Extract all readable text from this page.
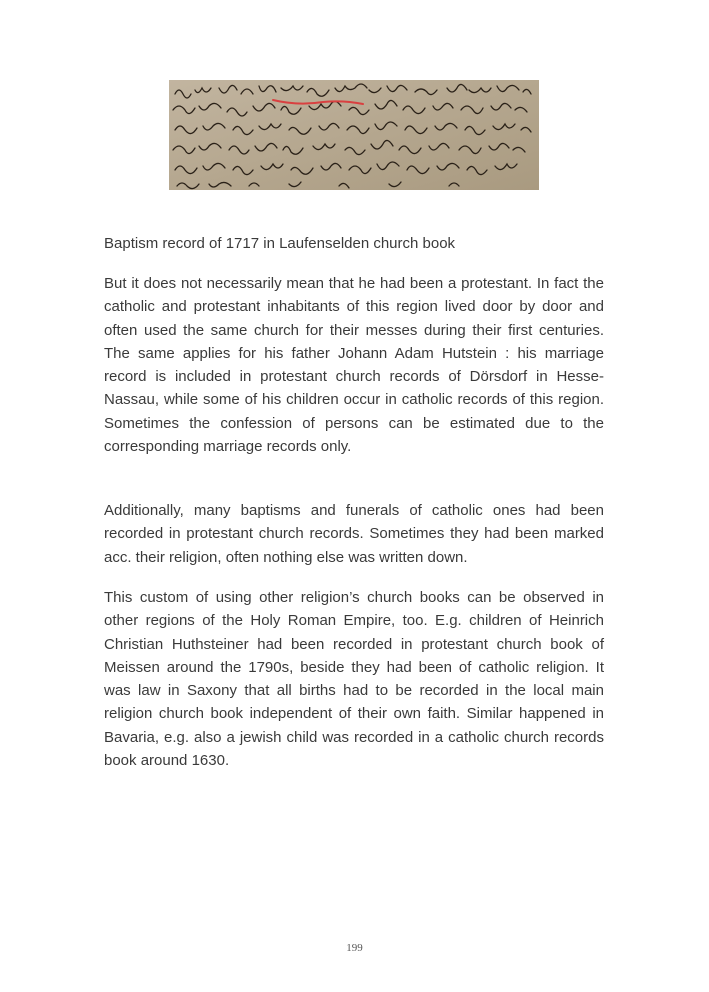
Baptism record of 1717 in Laufenselden church book

But it does not necessarily mean that he had been a protestant. In fact the catholic and protestant inhabitants of this region lived door by door and often used the same church for their messes during their first centuries. The same applies for his father Johann Adam Hutstein : his marriage record is included in protestant church records of Dörsdorf in Hesse-Nassau, while some of his children occur in catholic records of this region. Sometimes the confession of persons can be estimated due to the corresponding marriage records only.

Additionally, many baptisms and funerals of catholic ones had been recorded in protestant church records. Sometimes they had been marked acc. their religion, often nothing else was written down.

This custom of using other religion’s church books can be observed in other regions of the Holy Roman Empire, too. E.g. children of Heinrich Christian Huthsteiner had been recorded in protestant church book of Meissen around the 1790s, beside they had been of catholic religion. It was law in Saxony that all births had to be recorded in the local main religion church book independent of their own faith. Similar happened in Bavaria, e.g. also a jewish child was recorded in a catholic church records book around 1630.

199
